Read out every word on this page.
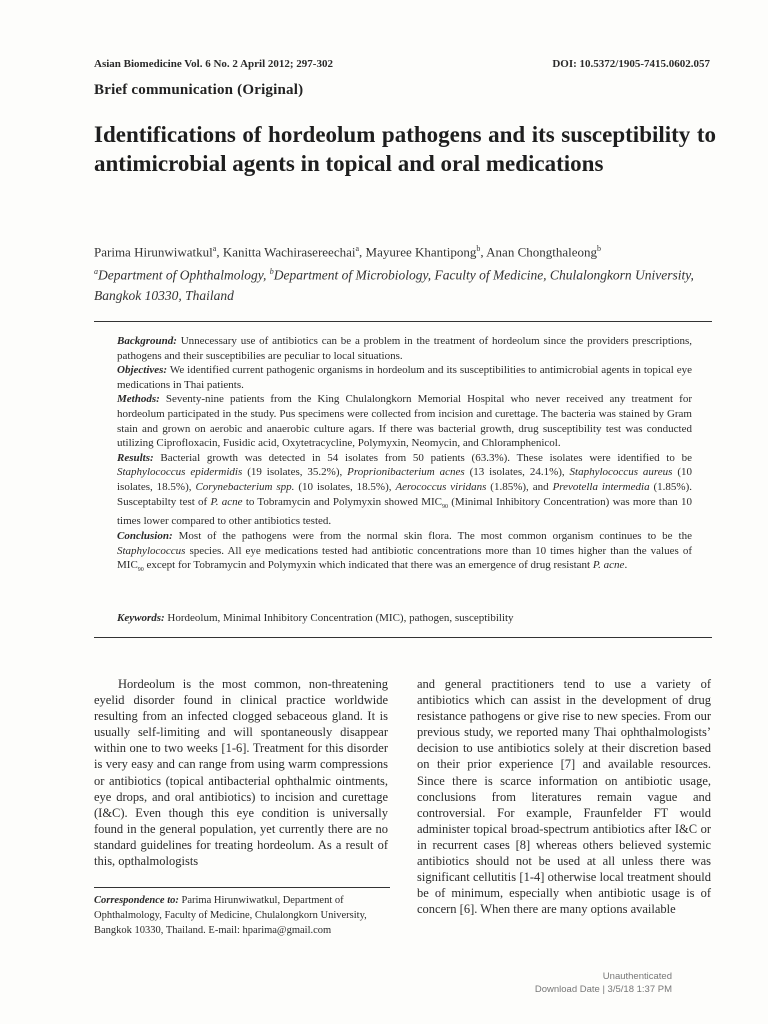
Asian Biomedicine Vol. 6 No. 2 April 2012; 297-302	DOI: 10.5372/1905-7415.0602.057
Brief communication (Original)
Identifications of hordeolum pathogens and its susceptibility to antimicrobial agents in topical and oral medications
Parima Hirunwiwatkul$^a$, Kanitta Wachirasereechai$^a$, Mayuree Khantipong$^b$, Anan Chongthaleong$^b$
$^a$Department of Ophthalmology, $^b$Department of Microbiology, Faculty of Medicine, Chulalongkorn University, Bangkok 10330, Thailand

Background: Unnecessary use of antibiotics can be a problem in the treatment of hordeolum since the providers prescriptions, pathogens and their susceptibilies are peculiar to local situations.

Objectives: We identified current pathogenic organisms in hordeolum and its susceptibilities to antimicrobial agents in topical eye medications in Thai patients.

Methods: Seventy-nine patients from the King Chulalongkorn Memorial Hospital who never received any treatment for hordeolum participated in the study. Pus specimens were collected from incision and curettage. The bacteria was stained by Gram stain and grown on aerobic and anaerobic culture agars. If there was bacterial growth, drug susceptibility test was conducted utilizing Ciprofloxacin, Fusidic acid, Oxytetracycline, Polymyxin, Neomycin, and Chloramphenicol.

Results: Bacterial growth was detected in 54 isolates from 50 patients (63.3%). These isolates were identified to be Staphylococcus epidermidis (19 isolates, 35.2%), Proprionibacterium acnes (13 isolates, 24.1%), Staphylococcus aureus (10 isolates, 18.5%), Corynebacterium spp. (10 isolates, 18.5%), Aerococcus viridans (1.85%), and Prevotella intermedia (1.85%). Susceptabilty test of P. acne to Tobramycin and Polymyxin showed $MIC_{90}$ (Minimal Inhibitory Concentration) was more than 10 times lower compared to other antibiotics tested.

Conclusion: Most of the pathogens were from the normal skin flora. The most common organism continues to be the Staphylococcus species. All eye medications tested had antibiotic concentrations more than 10 times higher than the values of $MIC_{90}$ except for Tobramycin and Polymyxin which indicated that there was an emergence of drug resistant P. acne.

Keywords: Hordeolum, Minimal Inhibitory Concentration (MIC), pathogen, susceptibility

Hordeolum is the most common, non-threatening eyelid disorder found in clinical practice worldwide resulting from an infected clogged sebaceous gland. It is usually self-limiting and will spontaneously disappear within one to two weeks [1-6]. Treatment for this disorder is very easy and can range from using warm compressions or antibiotics (topical antibacterial ophthalmic ointments, eye drops, and oral antibiotics) to incision and curettage (I&C). Even though this eye condition is universally found in the general population, yet currently there are no standard guidelines for treating hordeolum. As a result of this, opthalmologists

and general practitioners tend to use a variety of antibiotics which can assist in the development of drug resistance pathogens or give rise to new species. From our previous study, we reported many Thai ophthalmologists’ decision to use antibiotics solely at their discretion based on their prior experience [7] and available resources. Since there is scarce information on antibiotic usage, conclusions from literatures remain vague and controversial. For example, Fraunfelder FT would administer topical broad-spectrum antibiotics after I&C or in recurrent cases [8] whereas others believed systemic antibiotics should not be used at all unless there was significant cellutitis [1-4] otherwise local treatment should be of minimum, especially when antibiotic usage is of concern [6]. When there are many options available

Correspondence to: Parima Hirunwiwatkul, Department of Ophthalmology, Faculty of Medicine, Chulalongkorn University, Bangkok 10330, Thailand. E-mail: hparima@gmail.com
Unauthenticated
Download Date | 3/5/18 1:37 PM
